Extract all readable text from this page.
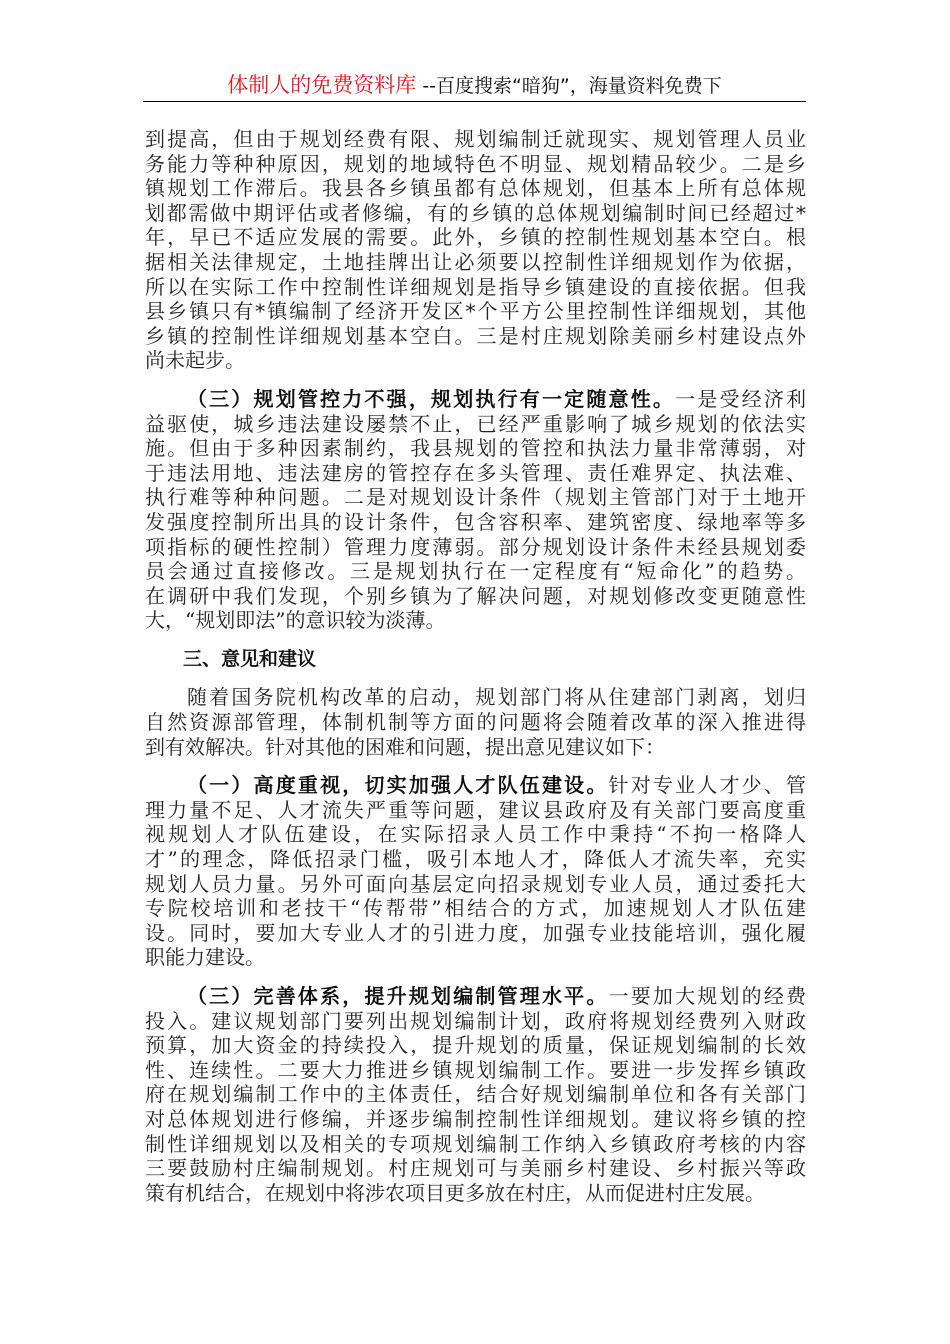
体制人的免费资料库 --百度搜索“暗狗”，海量资料免费下
到提高，但由于规划经费有限、规划编制迁就现实、规划管理人员业
务能力等种种原因，规划的地域特色不明显、规划精品较少。二是乡
镇规划工作滞后。我县各乡镇虽都有总体规划，但基本上所有总体规
划都需做中期评估或者修编，有的乡镇的总体规划编制时间已经超过*
年，早已不适应发展的需要。此外，乡镇的控制性规划基本空白。根
据相关法律规定，土地挂牌出让必须要以控制性详细规划作为依据，
所以在实际工作中控制性详细规划是指导乡镇建设的直接依据。但我
县乡镇只有*镇编制了经济开发区*个平方公里控制性详细规划，其他
乡镇的控制性详细规划基本空白。三是村庄规划除美丽乡村建设点外
尚未起步。
（三）规划管控力不强，规划执行有一定随意性。一是受经济利
益驱使，城乡违法建设屡禁不止，已经严重影响了城乡规划的依法实
施。但由于多种因素制约，我县规划的管控和执法力量非常薄弱，对
于违法用地、违法建房的管控存在多头管理、责任难界定、执法难、
执行难等种种问题。二是对规划设计条件（规划主管部门对于土地开
发强度控制所出具的设计条件，包含容积率、建筑密度、绿地率等多
项指标的硬性控制）管理力度薄弱。部分规划设计条件未经县规划委
员会通过直接修改。三是规划执行在一定程度有“短命化”的趋势。
在调研中我们发现，个别乡镇为了解决问题，对规划修改变更随意性
大，“规划即法”的意识较为淡薄。
三、意见和建议
随着国务院机构改革的启动，规划部门将从住建部门剥离，划归
自然资源部管理，体制机制等方面的问题将会随着改革的深入推进得
到有效解决。针对其他的困难和问题，提出意见建议如下：
（一）高度重视，切实加强人才队伍建设。针对专业人才少、管
理力量不足、人才流失严重等问题，建议县政府及有关部门要高度重
视规划人才队伍建设，在实际招录人员工作中秉持“不拘一格降人
才”的理念，降低招录门槛，吸引本地人才，降低人才流失率，充实
规划人员力量。另外可面向基层定向招录规划专业人员，通过委托大
专院校培训和老技干“传帮带”相结合的方式，加速规划人才队伍建
设。同时，要加大专业人才的引进力度，加强专业技能培训，强化履
职能力建设。
（三）完善体系，提升规划编制管理水平。一要加大规划的经费
投入。建议规划部门要列出规划编制计划，政府将规划经费列入财政
预算，加大资金的持续投入，提升规划的质量，保证规划编制的长效
性、连续性。二要大力推进乡镇规划编制工作。要进一步发挥乡镇政
府在规划编制工作中的主体责任，结合好规划编制单位和各有关部门
对总体规划进行修编，并逐步编制控制性详细规划。建议将乡镇的控
制性详细规划以及相关的专项规划编制工作纳入乡镇政府考核的内容
三要鼓励村庄编制规划。村庄规划可与美丽乡村建设、乡村振兴等政
策有机结合，在规划中将涉农项目更多放在村庄，从而促进村庄发展。
